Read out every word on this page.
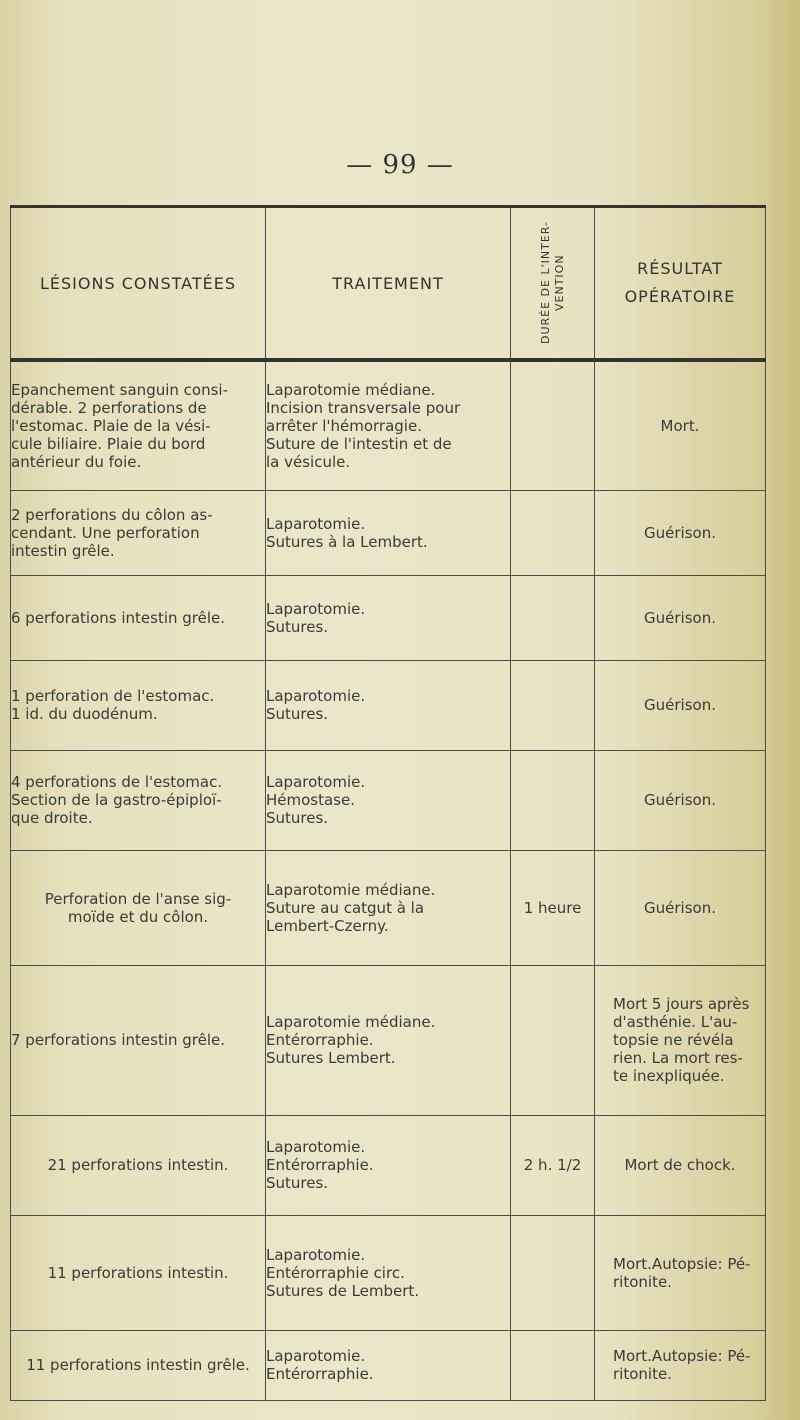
— 99 —
LÉSIONS CONSTATÉES	TRAITEMENT	DURÉE DE L'INTER- VENTION	RÉSULTAT OPÉRATOIRE
Epanchement sanguin consi-
dérable. 2 perforations de
l'estomac. Plaie de la vési-
cule biliaire. Plaie du bord
antérieur du foie.	Laparotomie médiane.
Incision transversale pour
arrêter l'hémorragie.
Suture de l'intestin et de
la vésicule.		Mort.
2 perforations du côlon as-
cendant. Une perforation
intestin grêle.	Laparotomie.
Sutures à la Lembert.		Guérison.
6 perforations intestin grêle.	Laparotomie.
Sutures.		Guérison.
1 perforation de l'estomac.
1 id. du duodénum.	Laparotomie.
Sutures.		Guérison.
4 perforations de l'estomac.
Section de la gastro-épiploï-
que droite.	Laparotomie.
Hémostase.
Sutures.		Guérison.
Perforation de l'anse sig-
moïde et du côlon.	Laparotomie médiane.
Suture au catgut à la
Lembert-Czerny.	1 heure	Guérison.
7 perforations intestin grêle.	Laparotomie médiane.
Entérorraphie.
Sutures Lembert.		Mort 5 jours après
d'asthénie. L'au-
topsie ne révéla
rien. La mort res-
te inexpliquée.
21 perforations intestin.	Laparotomie.
Entérorraphie.
Sutures.	2 h. 1/2	Mort de chock.
11 perforations intestin.	Laparotomie.
Entérorraphie circ.
Sutures de Lembert.		Mort.Autopsie: Pé-
ritonite.
11 perforations intestin grêle.	Laparotomie.
Entérorraphie.		Mort.Autopsie: Pé-
ritonite.
